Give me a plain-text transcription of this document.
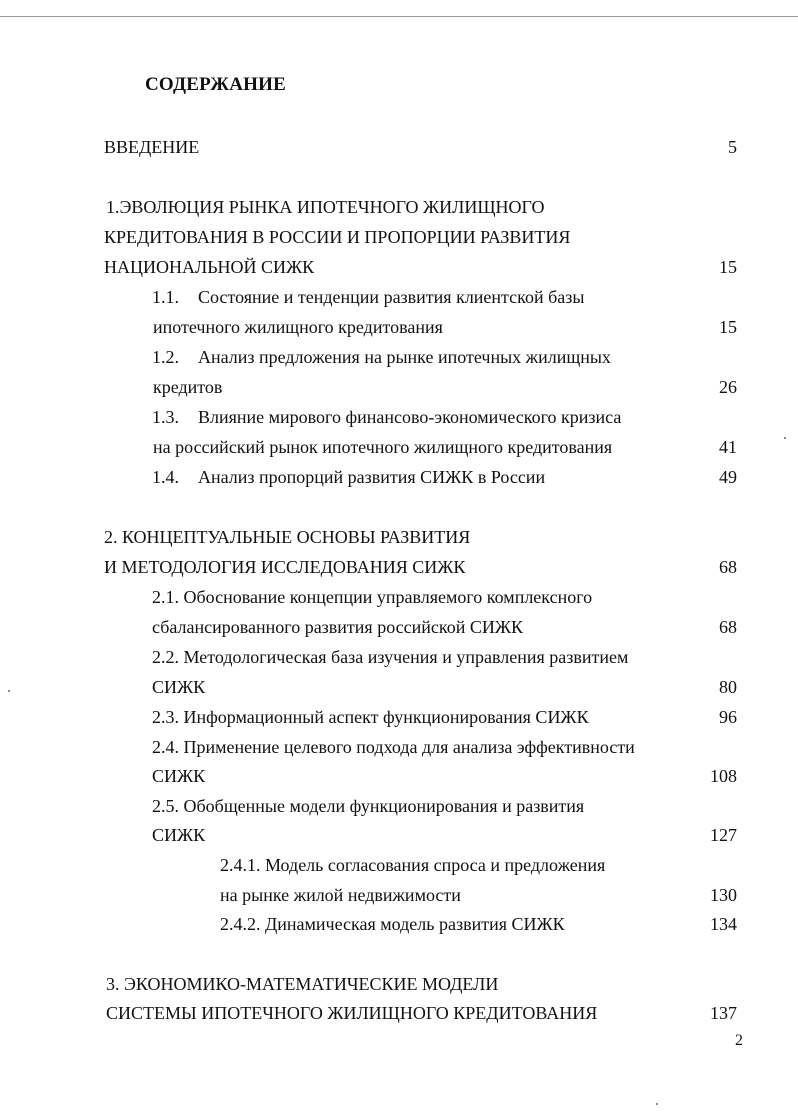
СОДЕРЖАНИЕ
ВВЕДЕНИЕ	5
1.ЭВОЛЮЦИЯ РЫНКА ИПОТЕЧНОГО ЖИЛИЩНОГО
КРЕДИТОВАНИЯ В РОССИИ И ПРОПОРЦИИ РАЗВИТИЯ
НАЦИОНАЛЬНОЙ СИЖК	15
1.1. Состояние и тенденции развития клиентской базы
ипотечного жилищного кредитования	15
1.2. Анализ предложения на рынке ипотечных жилищных
кредитов	26
1.3. Влияние мирового финансово-экономического кризиса
на российский рынок ипотечного жилищного кредитования	41
1.4. Анализ пропорций развития СИЖК в России	49
2. КОНЦЕПТУАЛЬНЫЕ ОСНОВЫ РАЗВИТИЯ
И МЕТОДОЛОГИЯ ИССЛЕДОВАНИЯ СИЖК	68
2.1. Обоснование концепции управляемого комплексного
сбалансированного развития российской СИЖК	68
2.2. Методологическая база изучения и управления развитием
СИЖК	80
2.3. Информационный аспект функционирования СИЖК	96
2.4. Применение целевого подхода для анализа эффективности
СИЖК	108
2.5. Обобщенные модели функционирования и развития
СИЖК	127
2.4.1. Модель согласования спроса и предложения
на рынке жилой недвижимости	130
2.4.2. Динамическая модель развития СИЖК	134
3. ЭКОНОМИКО-МАТЕМАТИЧЕСКИЕ МОДЕЛИ
СИСТЕМЫ ИПОТЕЧНОГО ЖИЛИЩНОГО КРЕДИТОВАНИЯ	137
2
